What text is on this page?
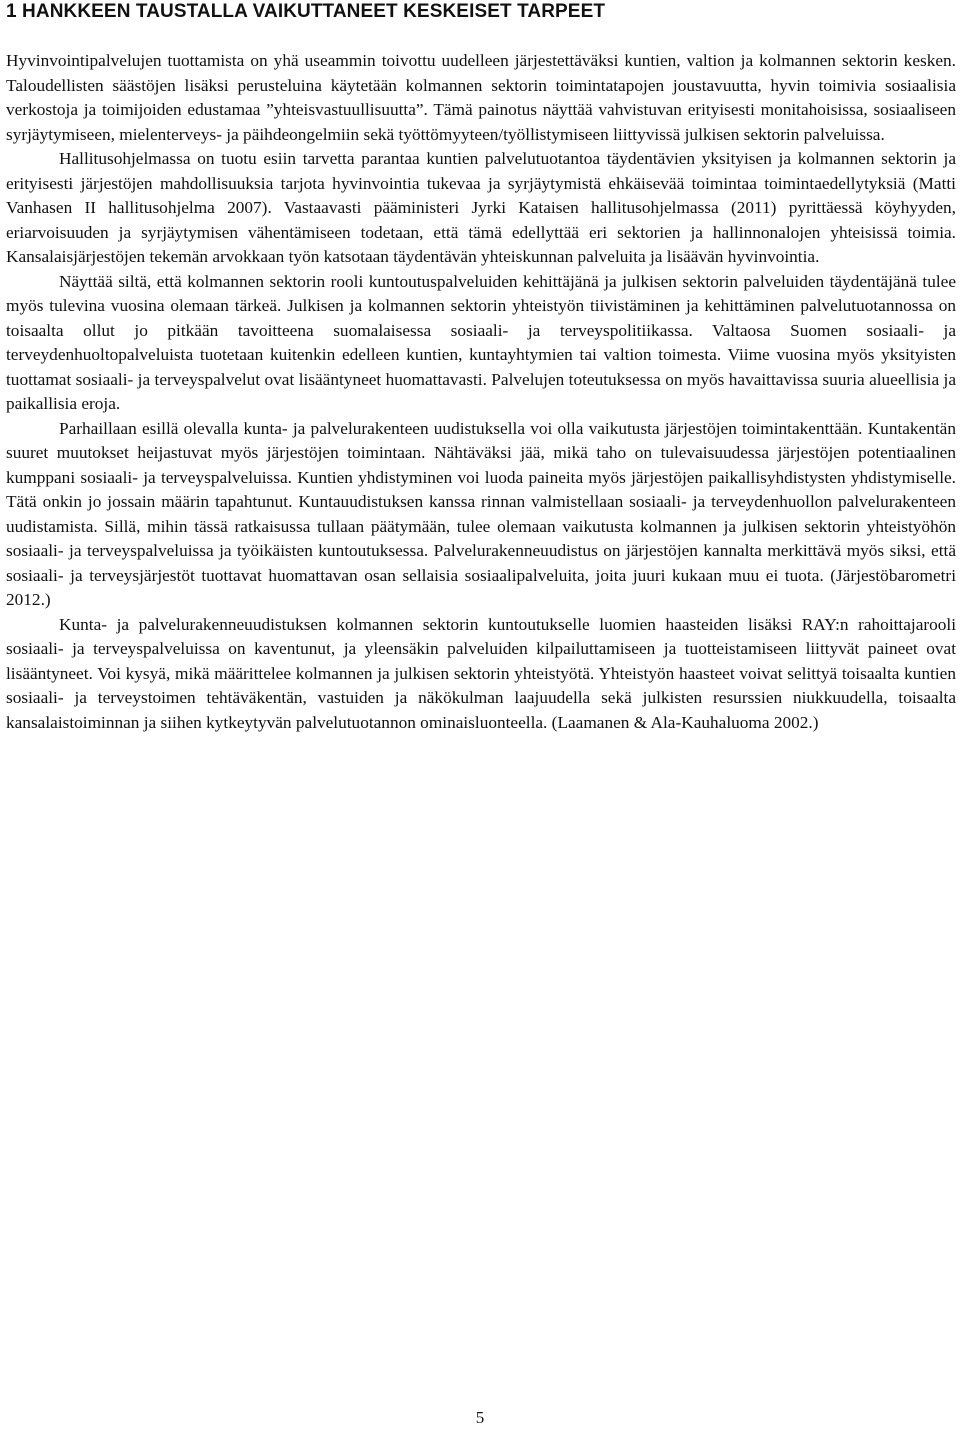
1 HANKKEEN TAUSTALLA VAIKUTTANEET KESKEISET TARPEET

Hyvinvointipalvelujen tuottamista on yhä useammin toivottu uudelleen järjestettäväksi kuntien, valtion ja kolmannen sektorin kesken. Taloudellisten säästöjen lisäksi perusteluina käytetään kolmannen sektorin toimintatapojen joustavuutta, hyvin toimivia sosiaalisia verkostoja ja toimijoiden edustamaa ”yhteisvastuullisuutta”. Tämä painotus näyttää vahvistuvan erityisesti monitahoisissa, sosiaaliseen syrjäytymiseen, mielenterveys- ja päihdeongelmiin sekä työttömyyteen/työllistymiseen liittyvissä julkisen sektorin palveluissa.

Hallitusohjelmassa on tuotu esiin tarvetta parantaa kuntien palvelutuotantoa täydentävien yksityisen ja kolmannen sektorin ja erityisesti järjestöjen mahdollisuuksia tarjota hyvinvointia tukevaa ja syrjäytymistä ehkäisevää toimintaa toimintaedellytyksiä (Matti Vanhasen II hallitusohjelma 2007). Vastaavasti pääministeri Jyrki Kataisen hallitusohjelmassa (2011) pyrittäessä köyhyyden, eriarvoisuuden ja syrjäytymisen vähentämiseen todetaan, että tämä edellyttää eri sektorien ja hallinnonalojen yhteisissä toimia. Kansalaisjärjestöjen tekemän arvokkaan työn katsotaan täydentävän yhteiskunnan palveluita ja lisäävän hyvinvointia.

Näyttää siltä, että kolmannen sektorin rooli kuntoutuspalveluiden kehittäjänä ja julkisen sektorin palveluiden täydentäjänä tulee myös tulevina vuosina olemaan tärkeä. Julkisen ja kolmannen sektorin yhteistyön tiivistäminen ja kehittäminen palvelutuotannossa on toisaalta ollut jo pitkään tavoitteena suomalaisessa sosiaali- ja terveyspolitiikassa. Valtaosa Suomen sosiaali- ja terveydenhuoltopalveluista tuotetaan kuitenkin edelleen kuntien, kuntayhtymien tai valtion toimesta. Viime vuosina myös yksityisten tuottamat sosiaali- ja terveyspalvelut ovat lisääntyneet huomattavasti. Palvelujen toteutuksessa on myös havaittavissa suuria alueellisia ja paikallisia eroja.

Parhaillaan esillä olevalla kunta- ja palvelurakenteen uudistuksella voi olla vaikutusta järjestöjen toimintakenttään. Kuntakentän suuret muutokset heijastuvat myös järjestöjen toimintaan. Nähtäväksi jää, mikä taho on tulevaisuudessa järjestöjen potentiaalinen kumppani sosiaali- ja terveyspalveluissa. Kuntien yhdistyminen voi luoda paineita myös järjestöjen paikallisyhdistysten yhdistymiselle. Tätä onkin jo jossain määrin tapahtunut. Kuntauudistuksen kanssa rinnan valmistellaan sosiaali- ja terveydenhuollon palvelurakenteen uudistamista. Sillä, mihin tässä ratkaisussa tullaan päätymään, tulee olemaan vaikutusta kolmannen ja julkisen sektorin yhteistyöhön sosiaali- ja terveyspalveluissa ja työikäisten kuntoutuksessa. Palvelurakenneuudistus on järjestöjen kannalta merkittävä myös siksi, että sosiaali- ja terveysjärjestöt tuottavat huomattavan osan sellaisia sosiaalipalveluita, joita juuri kukaan muu ei tuota. (Järjestöbarometri 2012.)

Kunta- ja palvelurakenneuudistuksen kolmannen sektorin kuntoutukselle luomien haasteiden lisäksi RAY:n rahoittajarooli sosiaali- ja terveyspalveluissa on kaventunut, ja yleensäkin palveluiden kilpailuttamiseen ja tuotteistamiseen liittyvät paineet ovat lisääntyneet. Voi kysyä, mikä määrittelee kolmannen ja julkisen sektorin yhteistyötä. Yhteistyön haasteet voivat selittyä toisaalta kuntien sosiaali- ja terveystoimen tehtäväkentän, vastuiden ja näkökulman laajuudella sekä julkisten resurssien niukkuudella, toisaalta kansalaistoiminnan ja siihen kytkeytyvän palvelutuotannon ominaisluonteella. (Laamanen & Ala-Kauhaluoma 2002.)

5
